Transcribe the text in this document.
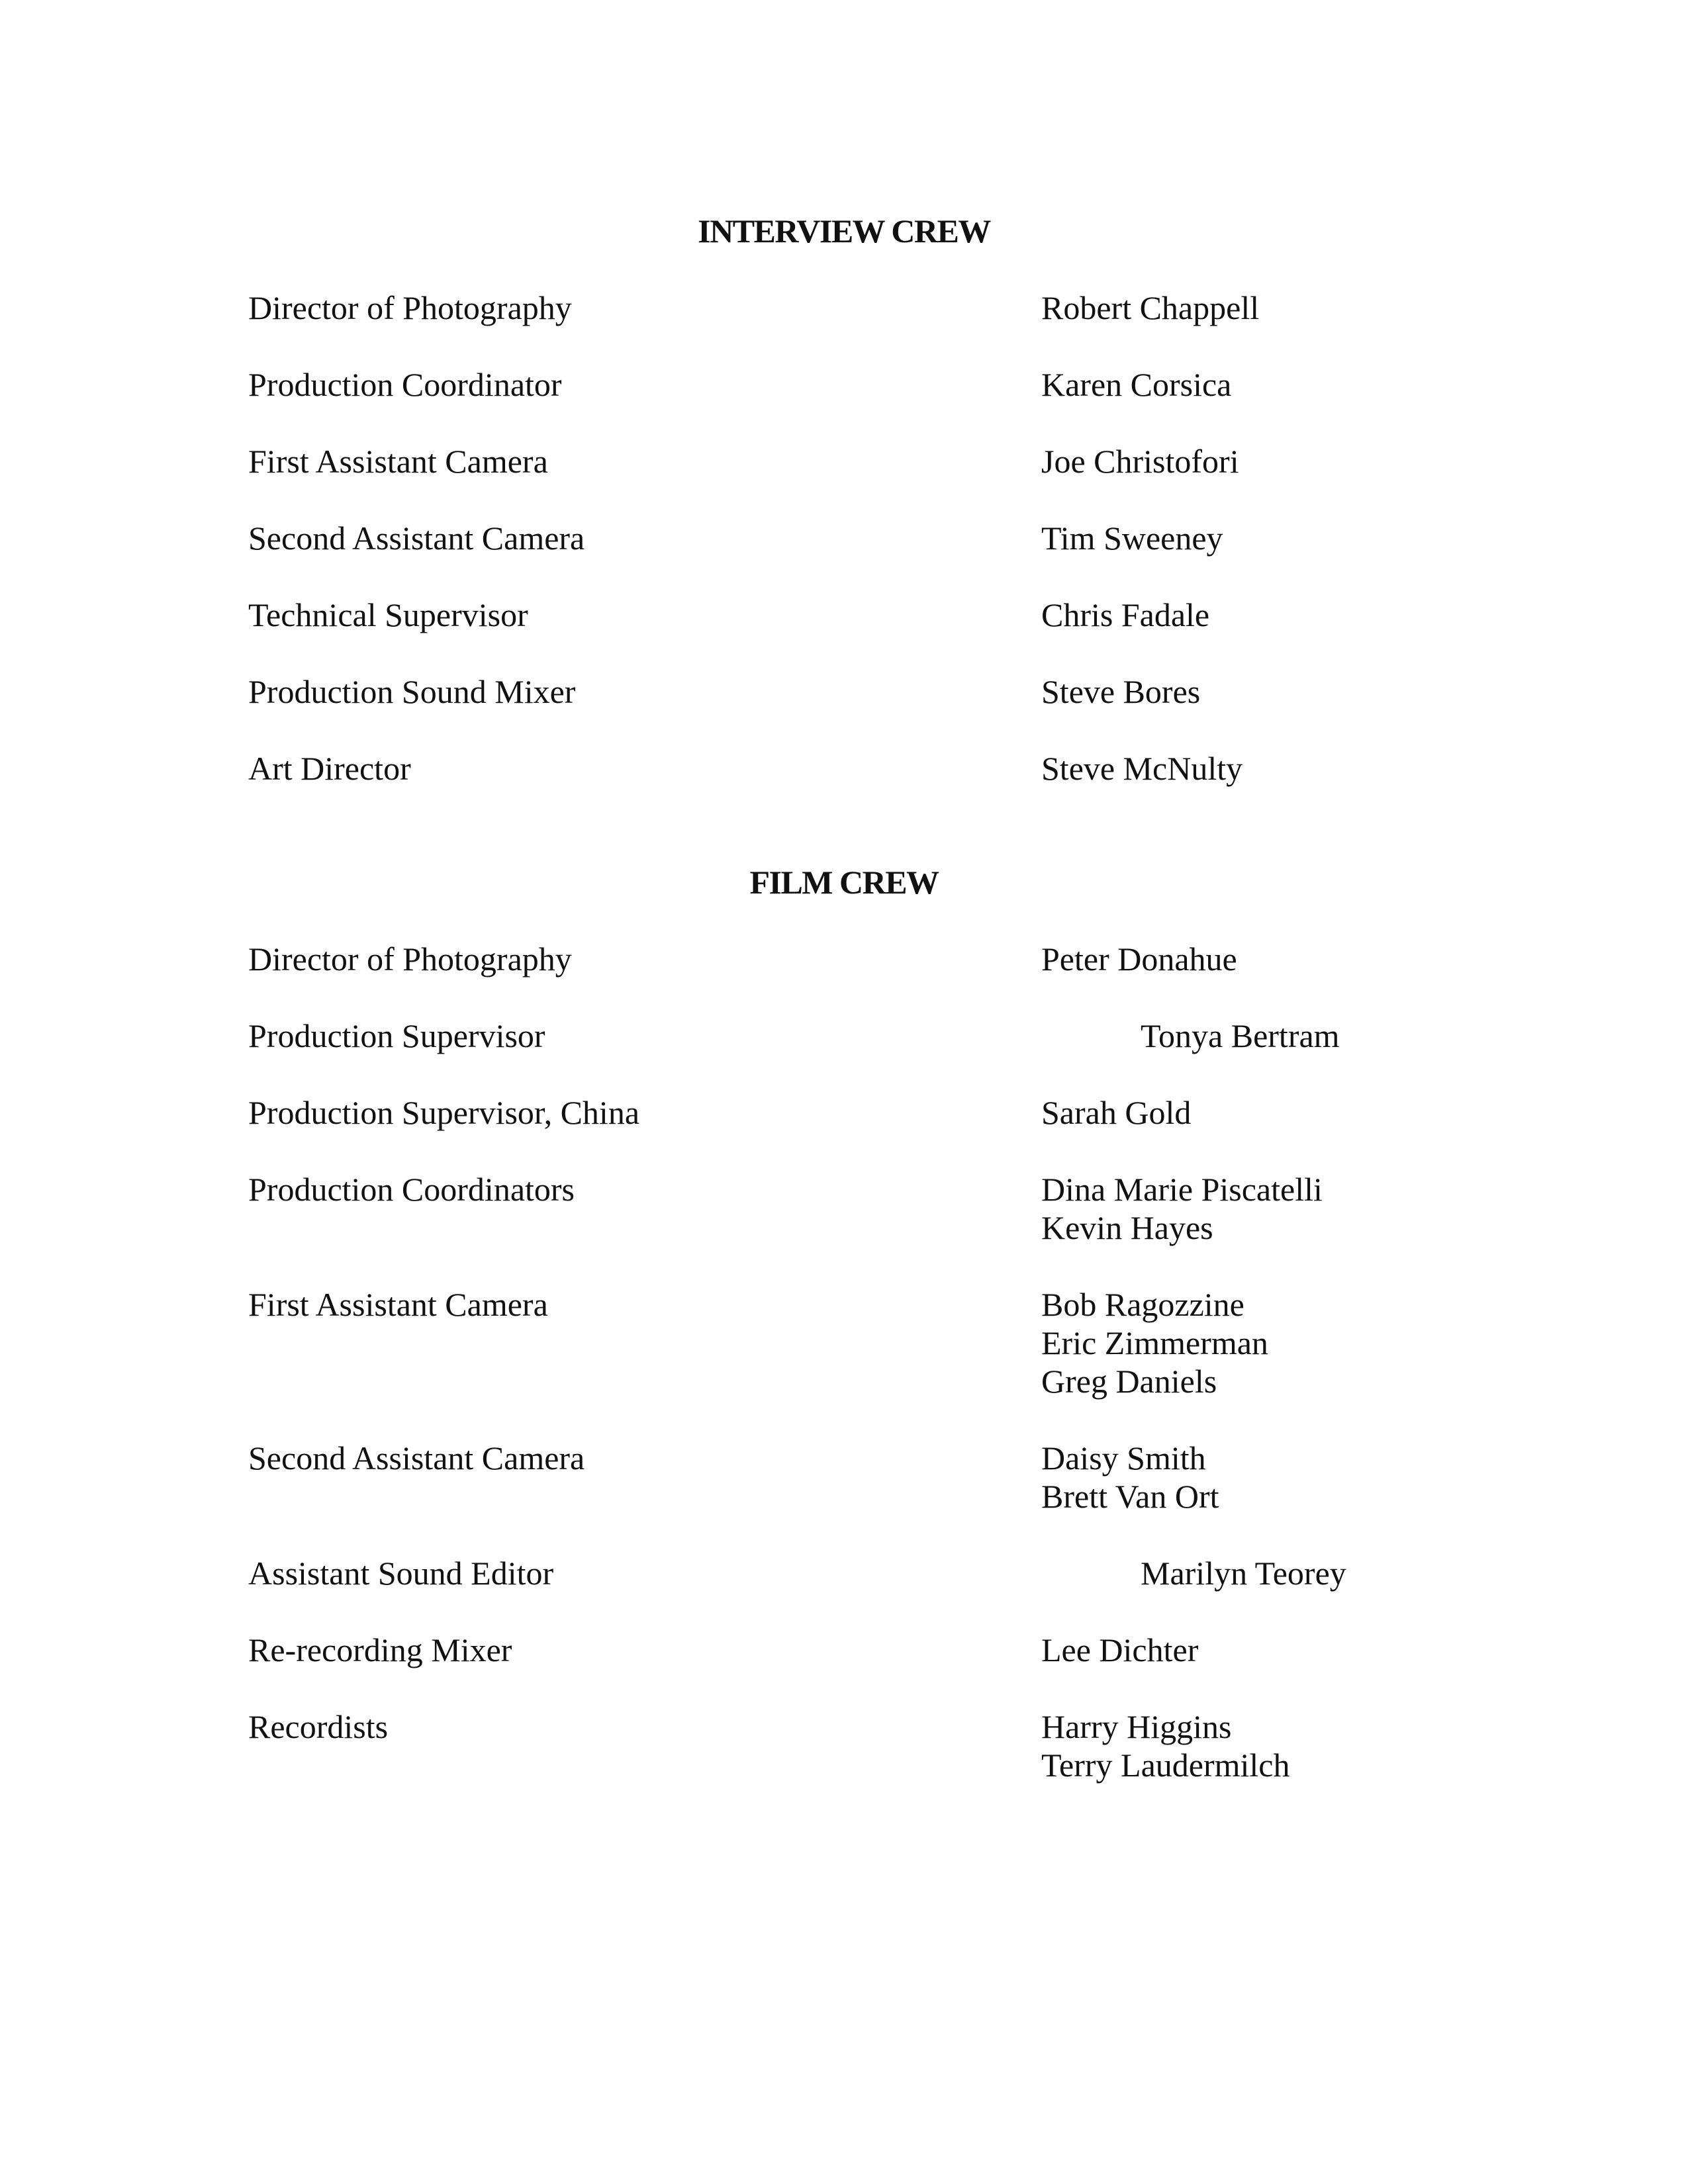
INTERVIEW CREW
Director of Photography	Robert Chappell
Production Coordinator	Karen Corsica
First Assistant Camera	Joe Christofori
Second Assistant Camera	Tim Sweeney
Technical Supervisor	Chris Fadale
Production Sound Mixer	Steve Bores
Art Director	Steve McNulty
FILM CREW
Director of Photography	Peter Donahue
Production Supervisor	Tonya Bertram
Production Supervisor, China	Sarah Gold
Production Coordinators	Dina Marie Piscatelli
Kevin Hayes
First Assistant Camera	Bob Ragozzine
Eric Zimmerman
Greg Daniels
Second Assistant Camera	Daisy Smith
Brett Van Ort
Assistant Sound Editor	Marilyn Teorey
Re-recording Mixer	Lee Dichter
Recordists	Harry Higgins
Terry Laudermilch
